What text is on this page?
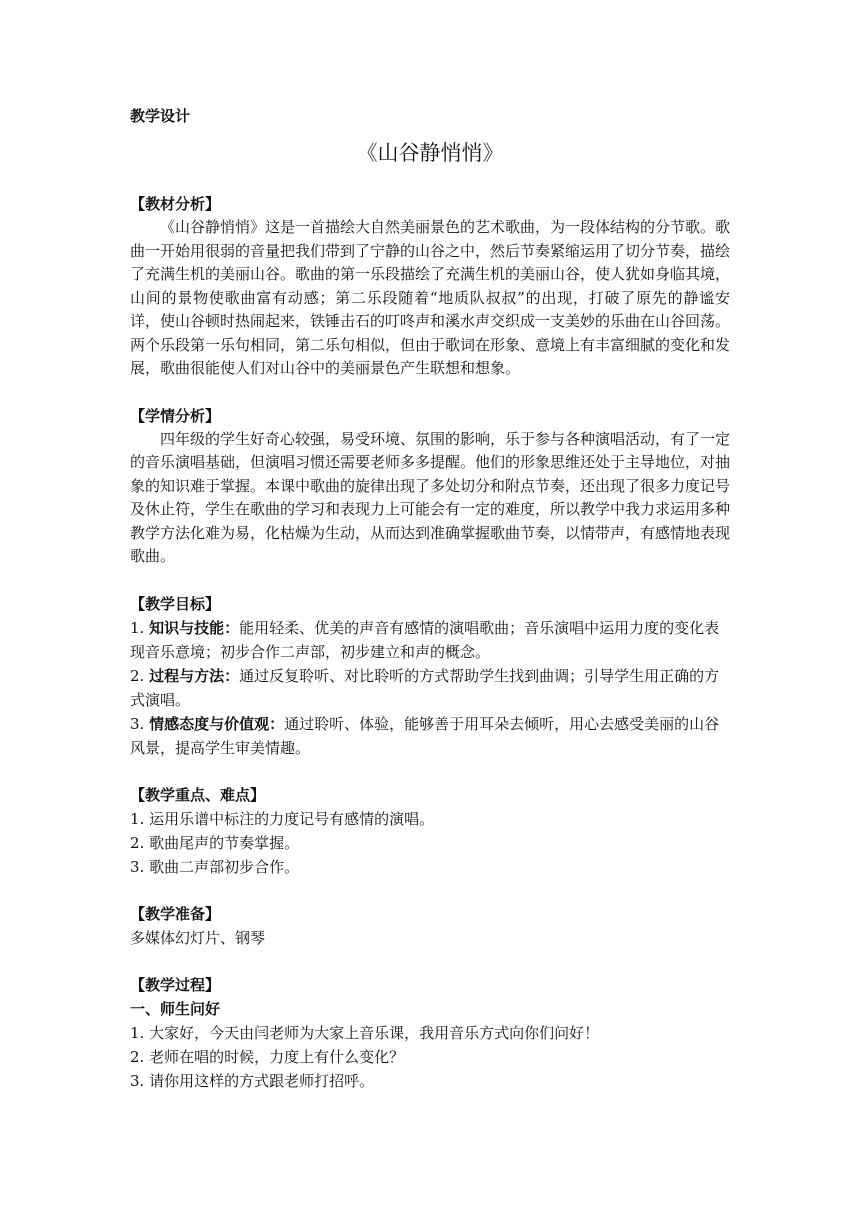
教学设计
《山谷静悄悄》
【教材分析】

《山谷静悄悄》这是一首描绘大自然美丽景色的艺术歌曲，为一段体结构的分节歌。歌曲一开始用很弱的音量把我们带到了宁静的山谷之中，然后节奏紧缩运用了切分节奏，描绘了充满生机的美丽山谷。歌曲的第一乐段描绘了充满生机的美丽山谷，使人犹如身临其境，山间的景物使歌曲富有动感；第二乐段随着“地质队叔叔”的出现，打破了原先的静谧安详，使山谷顿时热闹起来，铁锤击石的叮咚声和溪水声交织成一支美妙的乐曲在山谷回荡。两个乐段第一乐句相同，第二乐句相似，但由于歌词在形象、意境上有丰富细腻的变化和发展，歌曲很能使人们对山谷中的美丽景色产生联想和想象。

【学情分析】

四年级的学生好奇心较强，易受环境、氛围的影响，乐于参与各种演唱活动，有了一定的音乐演唱基础，但演唱习惯还需要老师多多提醒。他们的形象思维还处于主导地位，对抽象的知识难于掌握。本课中歌曲的旋律出现了多处切分和附点节奏，还出现了很多力度记号及休止符，学生在歌曲的学习和表现力上可能会有一定的难度，所以教学中我力求运用多种教学方法化难为易，化枯燥为生动，从而达到准确掌握歌曲节奏，以情带声，有感情地表现歌曲。

【教学目标】

1. 知识与技能：能用轻柔、优美的声音有感情的演唱歌曲；音乐演唱中运用力度的变化表现音乐意境；初步合作二声部，初步建立和声的概念。

2. 过程与方法：通过反复聆听、对比聆听的方式帮助学生找到曲调；引导学生用正确的方式演唱。

3. 情感态度与价值观：通过聆听、体验，能够善于用耳朵去倾听，用心去感受美丽的山谷风景，提高学生审美情趣。

【教学重点、难点】

1. 运用乐谱中标注的力度记号有感情的演唱。

2. 歌曲尾声的节奏掌握。

3. 歌曲二声部初步合作。

【教学准备】

多媒体幻灯片、钢琴

【教学过程】
一、师生问好

1. 大家好，今天由闫老师为大家上音乐课，我用音乐方式向你们问好！

2. 老师在唱的时候，力度上有什么变化？

3. 请你用这样的方式跟老师打招呼。
